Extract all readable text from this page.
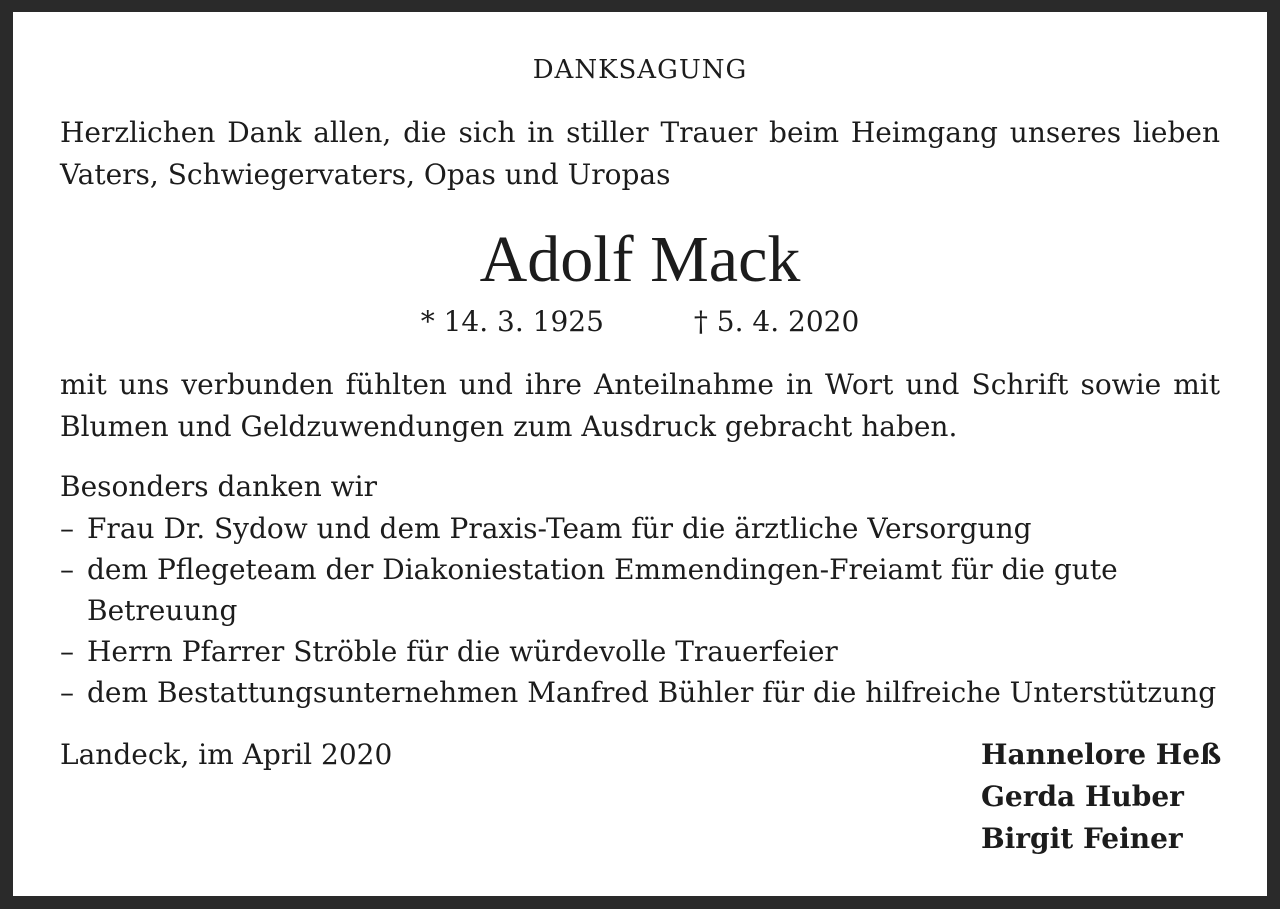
DANKSAGUNG
Herzlichen Dank allen, die sich in stiller Trauer beim Heimgang unseres lieben Vaters, Schwiegervaters, Opas und Uropas
Adolf Mack
* 14. 3. 1925	† 5. 4. 2020
mit uns verbunden fühlten und ihre Anteilnahme in Wort und Schrift sowie mit Blumen und Geldzuwendungen zum Ausdruck gebracht haben.
Besonders danken wir
– Frau Dr. Sydow und dem Praxis-Team für die ärztliche Versorgung
– dem Pflegeteam der Diakoniestation Emmendingen-Freiamt für die gute Betreuung
– Herrn Pfarrer Ströble für die würdevolle Trauerfeier
– dem Bestattungsunternehmen Manfred Bühler für die hilfreiche Unterstützung
Landeck, im April 2020	Hannelore Heß
Gerda Huber
Birgit Feiner
